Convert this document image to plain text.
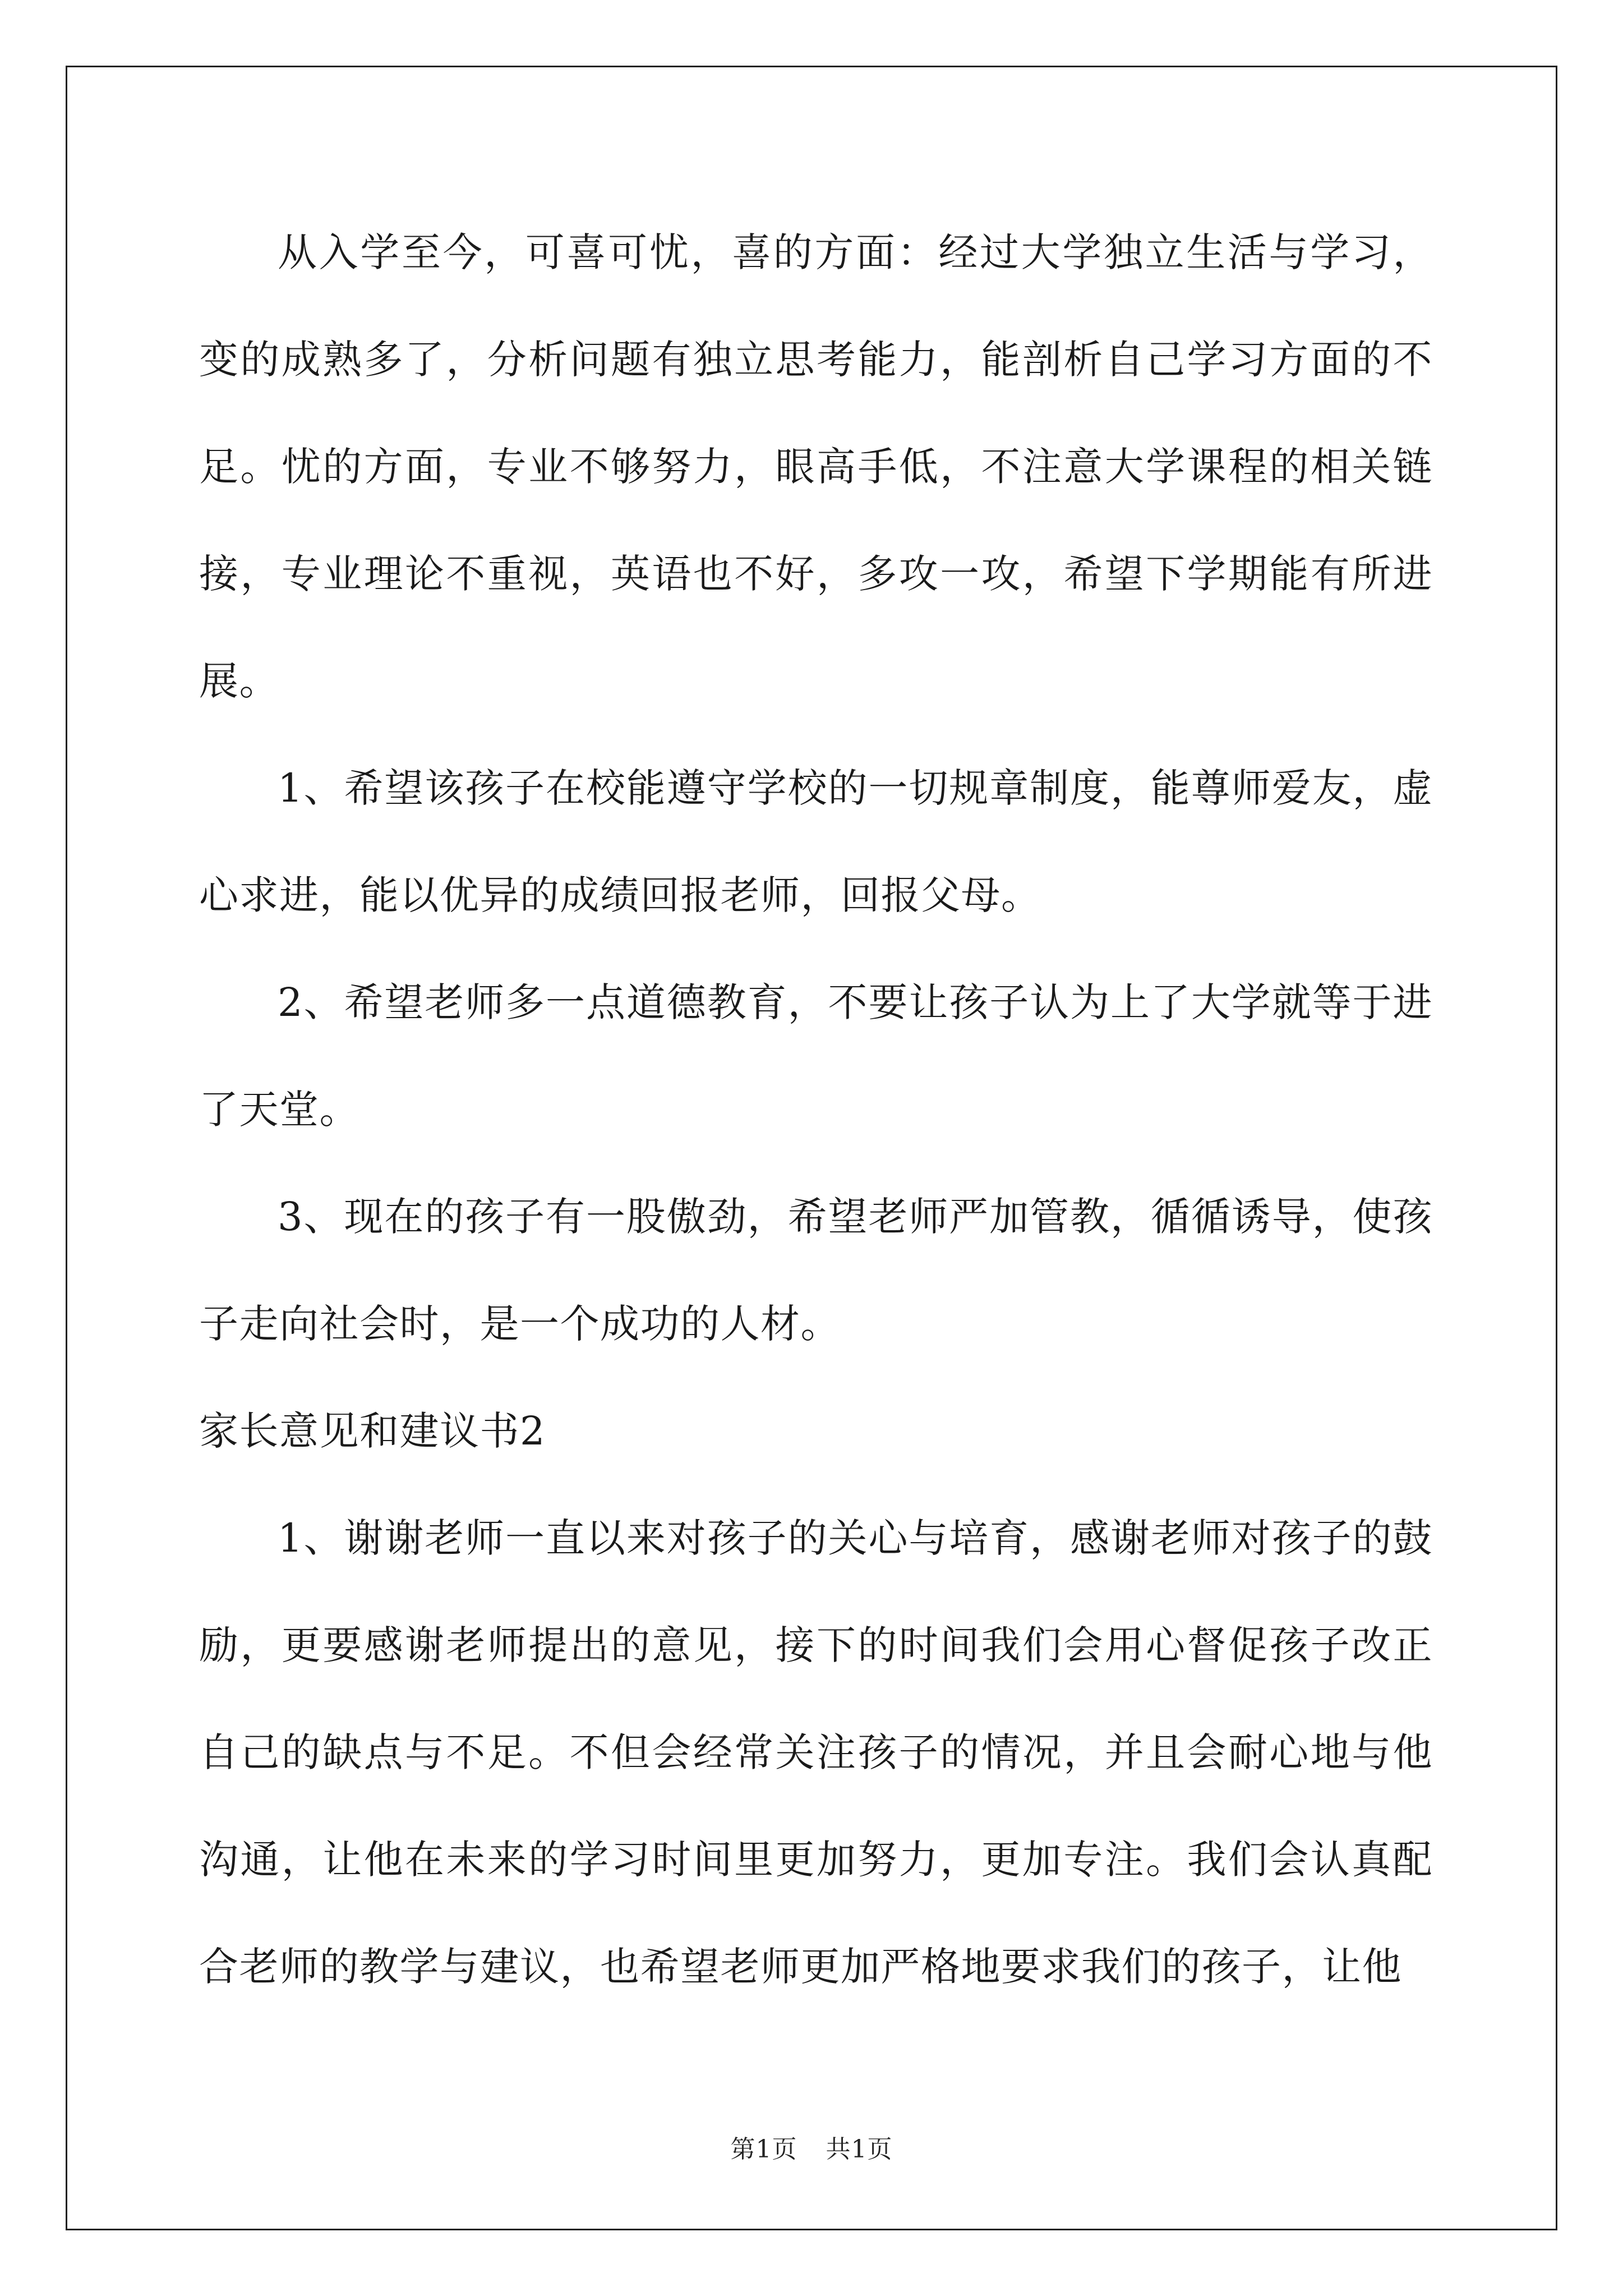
从入学至今，可喜可忧，喜的方面：经过大学独立生活与学习，变的成熟多了，分析问题有独立思考能力，能剖析自己学习方面的不足。忧的方面，专业不够努力，眼高手低，不注意大学课程的相关链接，专业理论不重视，英语也不好，多攻一攻，希望下学期能有所进展。

1、希望该孩子在校能遵守学校的一切规章制度，能尊师爱友，虚心求进，能以优异的成绩回报老师，回报父母。

2、希望老师多一点道德教育，不要让孩子认为上了大学就等于进了天堂。

3、现在的孩子有一股傲劲，希望老师严加管教，循循诱导，使孩子走向社会时，是一个成功的人材。

家长意见和建议书2

1、谢谢老师一直以来对孩子的关心与培育，感谢老师对孩子的鼓励，更要感谢老师提出的意见，接下的时间我们会用心督促孩子改正自己的缺点与不足。不但会经常关注孩子的情况，并且会耐心地与他沟通，让他在未来的学习时间里更加努力，更加专注。我们会认真配合老师的教学与建议，也希望老师更加严格地要求我们的孩子，让他

第1页 共1页
